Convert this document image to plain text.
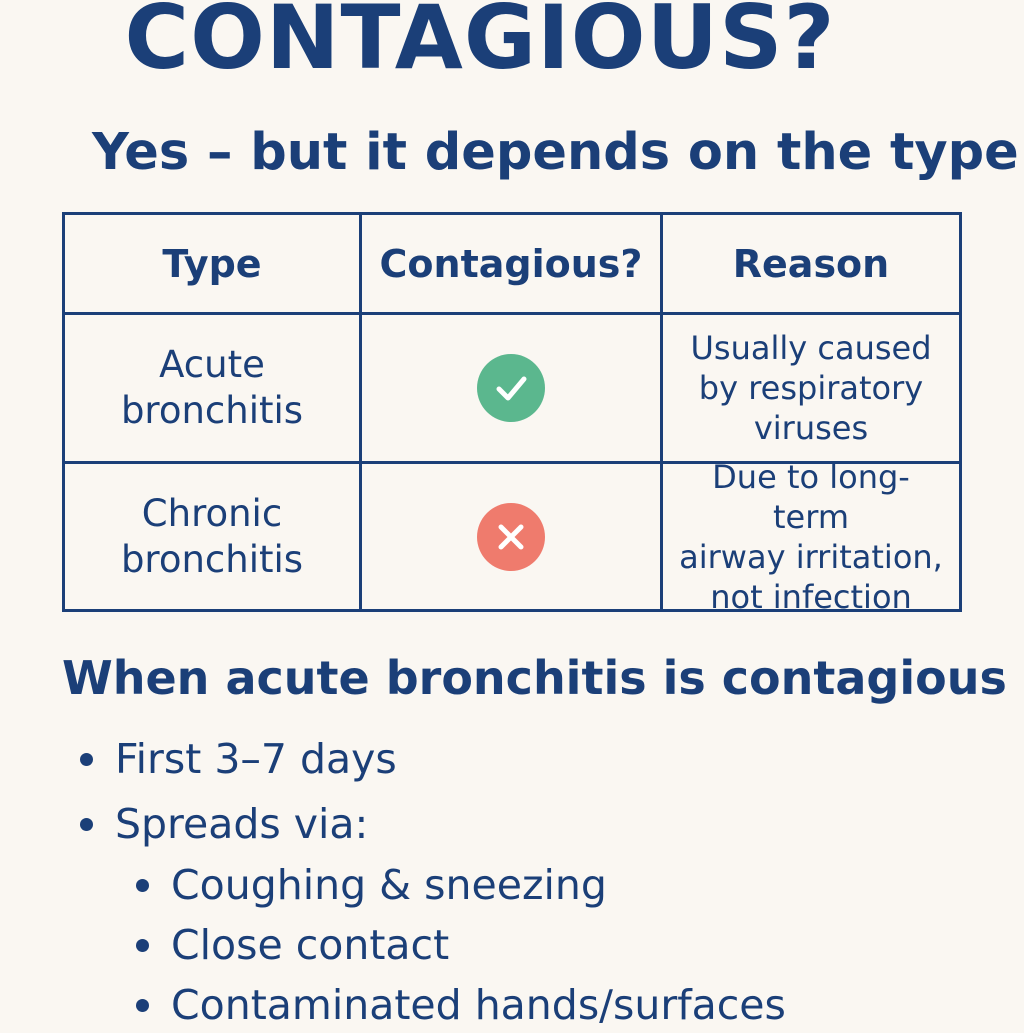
CONTAGIOUS?
Yes – but it depends on the type
Type	Contagious?	Reason
Acute
bronchitis
Usually caused
by respiratory
viruses
Chronic
bronchitis
Due to long-term
airway irritation,
not infection
When acute bronchitis is contagious
First 3–7 days
Spreads via:
Coughing & sneezing
Close contact
Contaminated hands/surfaces
